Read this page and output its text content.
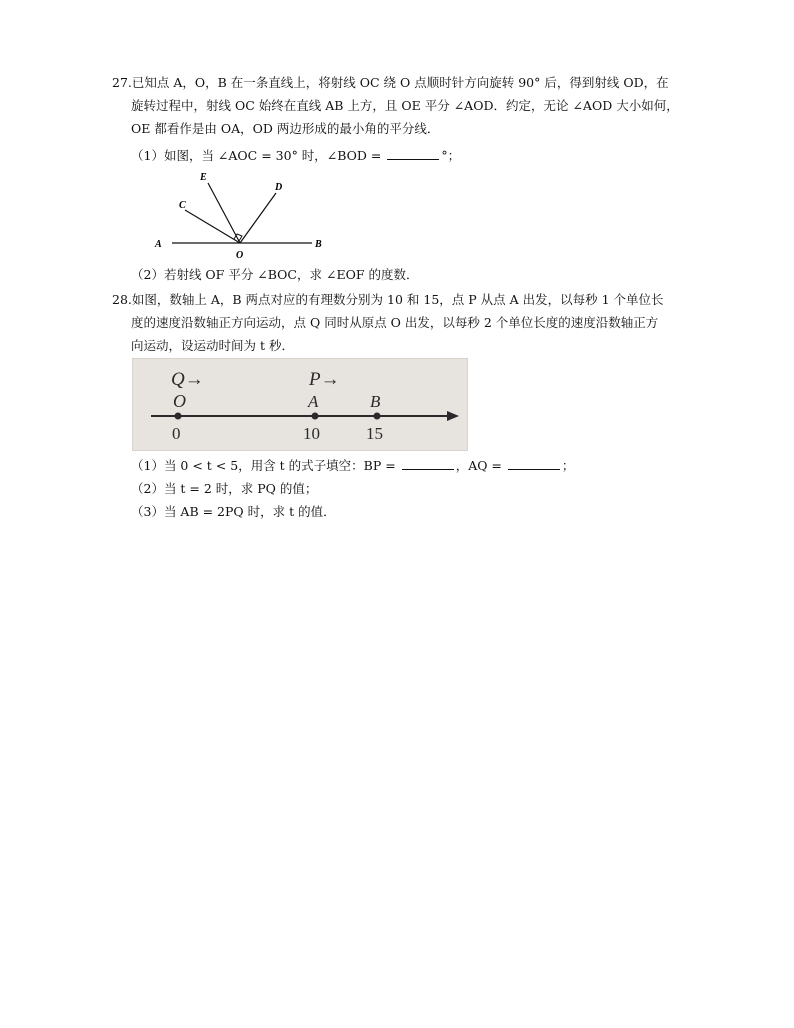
27.已知点 A，O，B 在一条直线上，将射线 OC 绕 O 点顺时针方向旋转 90° 后，得到射线 OD，在
旋转过程中，射线 OC 始终在直线 AB 上方，且 OE 平分 ∠AOD．约定，无论 ∠AOD 大小如何，
OE 都看作是由 OA，OD 两边形成的最小角的平分线．
（1）如图，当 ∠AOC = 30° 时，∠BOD =	°；
A	B
C
D
E
O
（2）若射线 OF 平分 ∠BOC，求 ∠EOF 的度数．
28.如图，数轴上 A，B 两点对应的有理数分别为 10 和 15，点 P 从点 A 出发，以每秒 1 个单位长
度的速度沿数轴正方向运动，点 Q 同时从原点 O 出发，以每秒 2 个单位长度的速度沿数轴正方
向运动，设运动时间为 t 秒．
Q→	P→
O	A	B
0	10	15
（1）当 0 < t < 5，用含 t 的式子填空：BP =	，AQ =	；
（2）当 t = 2 时，求 PQ 的值；
（3）当 AB = 2PQ 时，求 t 的值．
